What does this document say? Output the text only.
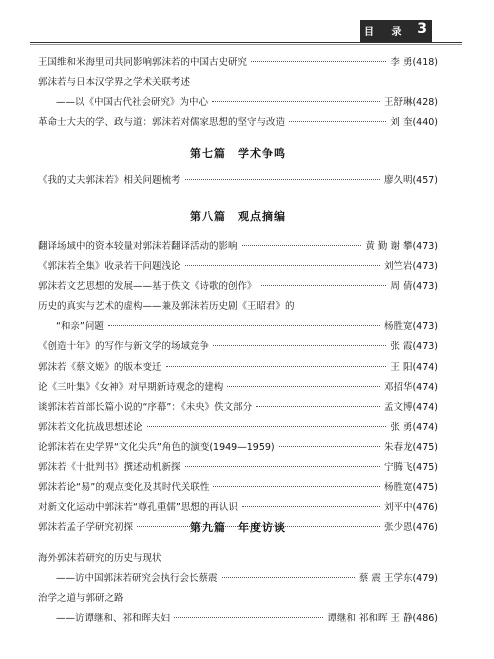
目 录 3
王国维和米海里司共同影响郭沫若的中国古史研究	李 勇(418)
郭沫若与日本汉学界之学术关联考述
——以《中国古代社会研究》为中心	王舒琳(428)
革命士大夫的学、政与道：郭沫若对儒家思想的坚守与改造	刘 奎(440)
第七篇　学术争鸣
《我的丈夫郭沫若》相关问题梳考	廖久明(457)
第八篇　观点摘编
翻译场域中的资本较量对郭沫若翻译活动的影响	黄 勤 谢 攀(473)
《郭沫若全集》收录若干问题浅论	刘竺岩(473)
郭沫若文艺思想的发展——基于佚文《诗歌的创作》	周 倩(473)
历史的真实与艺术的虚构——兼及郭沫若历史剧《王昭君》的
“和亲”问题	杨胜宽(473)
《创造十年》的写作与新文学的场域竞争	张 霞(473)
郭沫若《蔡文姬》的版本变迁	王 阳(474)
论《三叶集》《女神》对早期新诗观念的建构	邓招华(474)
谈郭沫若首部长篇小说的“序幕”：《未央》佚文部分	孟文博(474)
郭沫若文化抗战思想述论	张 勇(474)
论郭沫若在史学界“文化尖兵”角色的演变(1949—1959)	朱春龙(475)
郭沫若《十批判书》撰述动机新探	宁腾飞(475)
郭沫若论“易”的观点变化及其时代关联性	杨胜宽(475)
对新文化运动中郭沫若“尊孔重儒”思想的再认识	刘平中(476)
郭沫若孟子学研究初探	张少恩(476)
第九篇　年度访谈
海外郭沫若研究的历史与现状
——访中国郭沫若研究会执行会长蔡震	蔡 震 王学东(479)
治学之道与郭研之路
——访谭继和、祁和晖夫妇	谭继和 祁和晖 王 静(486)
